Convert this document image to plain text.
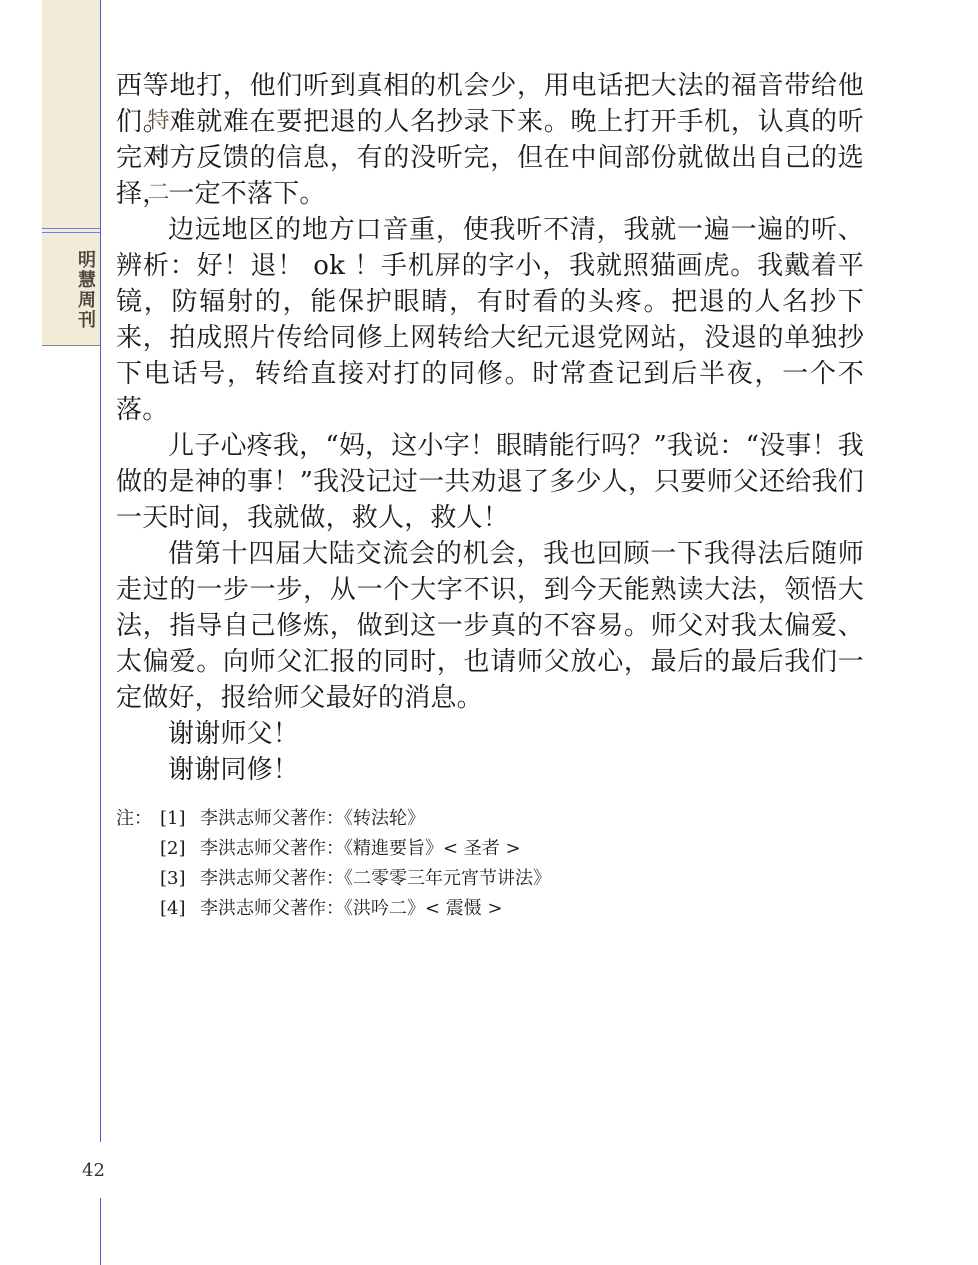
特刊二
明慧周刊
42

西等地打，他们听到真相的机会少，用电话把大法的福音带给他们。难就难在要把退的人名抄录下来。晚上打开手机，认真的听完对方反馈的信息，有的没听完，但在中间部份就做出自己的选择，一定不落下。

边远地区的地方口音重，使我听不清，我就一遍一遍的听、辨析：好！退！ ok ！手机屏的字小，我就照猫画虎。我戴着平镜，防辐射的，能保护眼睛，有时看的头疼。把退的人名抄下来，拍成照片传给同修上网转给大纪元退党网站，没退的单独抄下电话号，转给直接对打的同修。时常查记到后半夜，一个不落。

儿子心疼我，“妈，这小字！眼睛能行吗？”我说：“没事！我做的是神的事！”我没记过一共劝退了多少人，只要师父还给我们一天时间，我就做，救人，救人！

借第十四届大陆交流会的机会，我也回顾一下我得法后随师走过的一步一步，从一个大字不识，到今天能熟读大法，领悟大法，指导自己修炼，做到这一步真的不容易。师父对我太偏爱、太偏爱。向师父汇报的同时，也请师父放心，最后的最后我们一定做好，报给师父最好的消息。

谢谢师父！

谢谢同修！

注： [1] 李洪志师父著作：《转法轮》
[2] 李洪志师父著作：《精進要旨》< 圣者 >
[3] 李洪志师父著作：《二零零三年元宵节讲法》
[4] 李洪志师父著作：《洪吟二》< 震慑 >
